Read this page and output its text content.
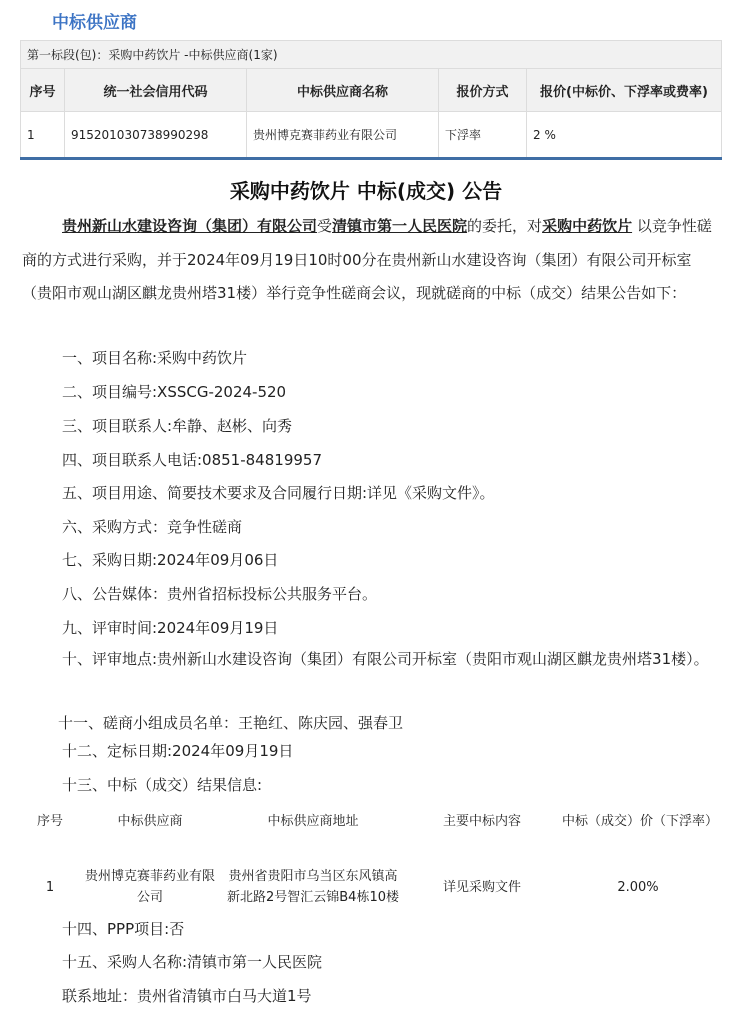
中标供应商
第一标段(包)：采购中药饮片 -中标供应商(1家)				
序号	统一社会信用代码	中标供应商名称	报价方式	报价(中标价、下浮率或费率)
1	915201030738990298	贵州博克赛菲药业有限公司	下浮率	2 %
采购中药饮片 中标(成交) 公告

贵州新山水建设咨询（集团）有限公司受清镇市第一人民医院的委托，对采购中药饮片 以竞争性磋商的方式进行采购，并于2024年09月19日10时00分在贵州新山水建设咨询（集团）有限公司开标室（贵阳市观山湖区麒龙贵州塔31楼）举行竞争性磋商会议，现就磋商的中标（成交）结果公告如下：

一、项目名称:采购中药饮片

二、项目编号:XSSCG-2024-520

三、项目联系人:牟静、赵彬、向秀

四、项目联系人电话:0851-84819957

五、项目用途、简要技术要求及合同履行日期:详见《采购文件》。

六、采购方式：竞争性磋商

七、采购日期:2024年09月06日

八、公告媒体：贵州省招标投标公共服务平台。

九、评审时间:2024年09月19日

十、评审地点:贵州新山水建设咨询（集团）有限公司开标室（贵阳市观山湖区麒龙贵州塔31楼）。

十一、磋商小组成员名单：王艳红、陈庆园、强春卫

十二、定标日期:2024年09月19日

十三、中标（成交）结果信息:

序号	中标供应商	中标供应商地址	主要中标内容	中标（成交）价（下浮率）
1	贵州博克赛菲药业有限公司	贵州省贵阳市乌当区东风镇高新北路2号智汇云锦B4栋10楼	详见采购文件	2.00%

十四、PPP项目:否

十五、采购人名称:清镇市第一人民医院

联系地址：贵州省清镇市白马大道1号
